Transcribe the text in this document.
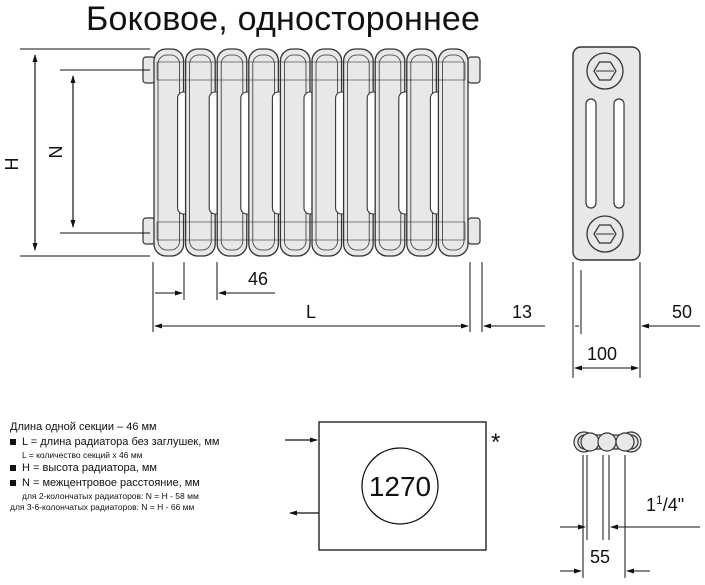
Боковое, одностороннее
H
N
46
L	13	50
100
1270
*
$1^1/4$"
55
Длина одной секции – 46 мм
L = длина радиатора без заглушек, мм
L = количество секций x 46 мм
H = высота радиатора, мм
N = межцентровое расстояние, мм
для 2-колончатых радиаторов: N = H - 58 мм
для 3-6-колончатых радиаторов: N = H - 66 мм
